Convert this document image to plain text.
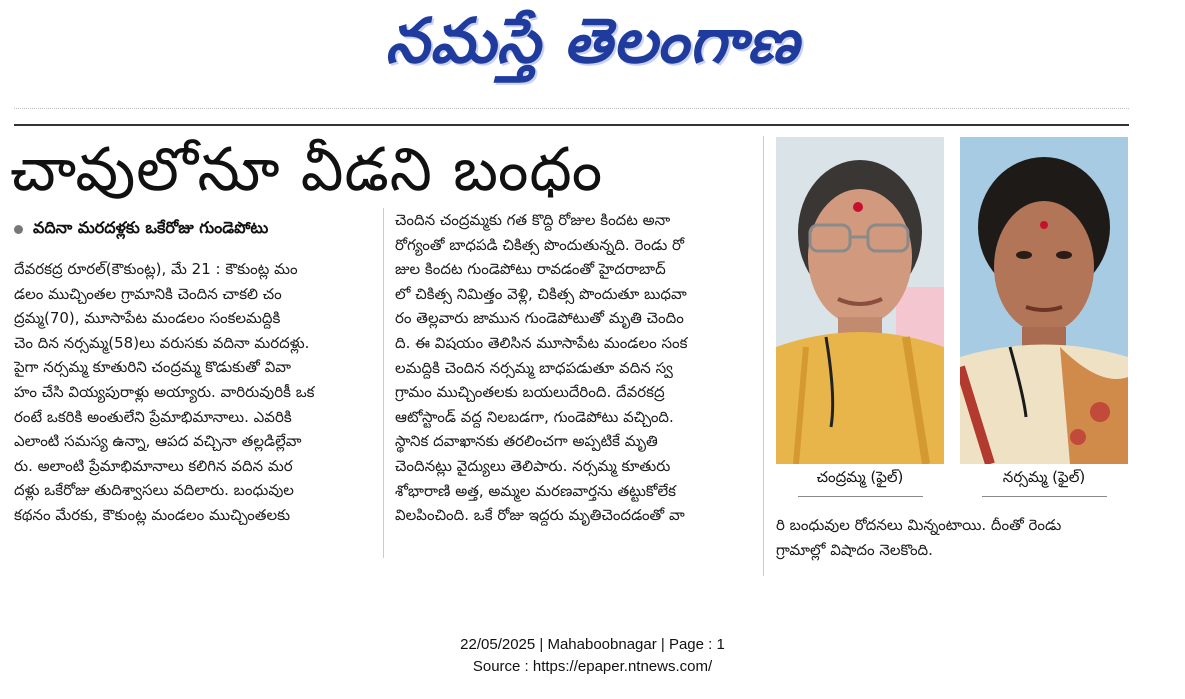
నమస్తే తెలంగాణ
చావులోనూ వీడని బంధం
వదినా మరదళ్లకు ఒకేరోజు గుండెపోటు
దేవరకద్ర రూరల్(కౌకుంట్ల), మే 21 : కౌకుంట్ల మం
డలం ముచ్చింతల గ్రామానికి చెందిన చాకలి చం
ద్రమ్మ(70), మూసాపేట మండలం సంకలమద్దికి
చెం దిన నర్సమ్మ(58)లు వరుసకు వదినా మరదళ్లు.
పైగా నర్సమ్మ కూతురిని చంద్రమ్మ కొడుకుతో వివా
హం చేసి వియ్యపురాళ్లు అయ్యారు. వారిరువురికీ ఒక
రంటే ఒకరికి అంతులేని ప్రేమాభిమానాలు. ఎవరికి
ఎలాంటి సమస్య ఉన్నా, ఆపద వచ్చినా తల్లడిల్లేవా
రు. అలాంటి ప్రేమాభిమానాలు కలిగిన వదిన మర
దళ్లు ఒకేరోజు తుదిశ్వాసలు వదిలారు. బంధువుల
కథనం మేరకు, కౌకుంట్ల మండలం ముచ్చింతలకు
చెందిన చంద్రమ్మకు గత కొద్ది రోజుల కిందట అనా
రోగ్యంతో బాధపడి చికిత్స పొందుతున్నది. రెండు రో
జుల కిందట గుండెపోటు రావడంతో హైదరాబాద్
లో చికిత్స నిమిత్తం వెళ్లి, చికిత్స పొందుతూ బుధవా
రం తెల్లవారు జామున గుండెపోటుతో మృతి చెందిం
ది. ఈ విషయం తెలిసిన మూసాపేట మండలం సంక
లమద్దికి చెందిన నర్సమ్మ బాధపడుతూ వదిన స్వ
గ్రామం ముచ్చింతలకు బయలుదేరింది. దేవరకద్ర
ఆటోస్టాండ్ వద్ద నిలబడగా, గుండెపోటు వచ్చింది.
స్థానిక దవాఖానకు తరలించగా అప్పటికే మృతి
చెందినట్లు వైద్యులు తెలిపారు. నర్సమ్మ కూతురు
శోభారాణి అత్త, అమ్మల మరణవార్తను తట్టుకోలేక
విలపించింది. ఒకే రోజు ఇద్దరు మృతిచెందడంతో వా
చంద్రమ్మ (ఫైల్)	నర్సమ్మ (ఫైల్)
రి బంధువుల రోదనలు మిన్నంటాయి. దీంతో రెండు
గ్రామాల్లో విషాదం నెలకొంది.
22/05/2025 | Mahaboobnagar | Page : 1
Source : https://epaper.ntnews.com/
